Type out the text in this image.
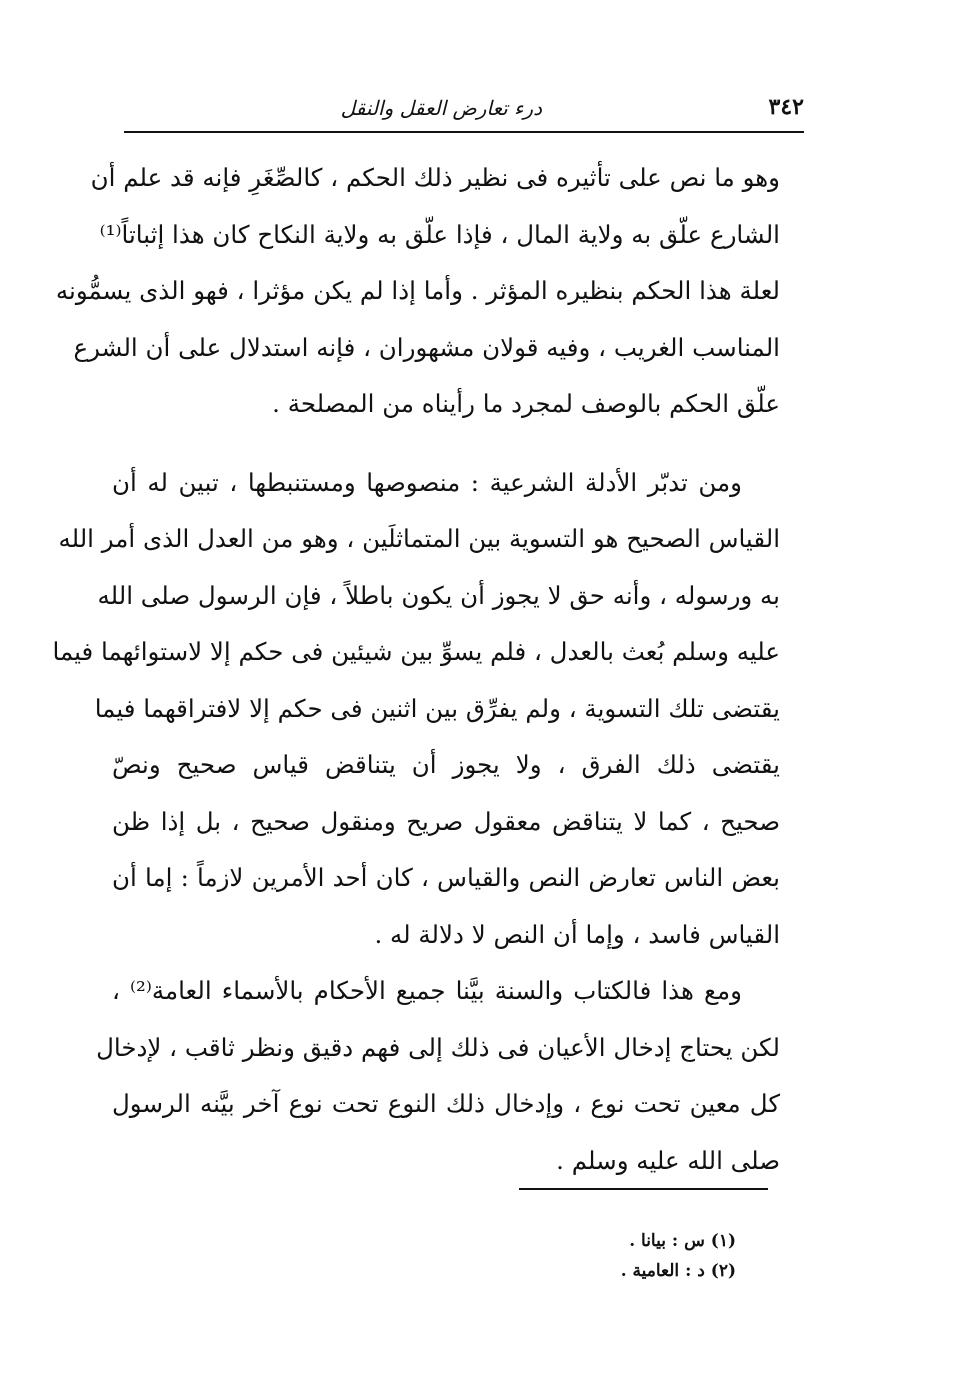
٣٤٢
درء تعارض العقل والنقل
وهو ما نص على تأثيره فى نظير ذلك الحكم ، كالصِّغَرِ فإنه قد علم أن
الشارع علّق به ولاية المال ، فإذا علّق به ولاية النكاح كان هذا إثباتاً⁽¹⁾
لعلة هذا الحكم بنظيره المؤثر . وأما إذا لم يكن مؤثرا ، فهو الذى يسمُّونه
المناسب الغريب ، وفيه قولان مشهوران ، فإنه استدلال على أن الشرع
علّق الحكم بالوصف لمجرد ما رأيناه من المصلحة .
ومن تدبّر الأدلة الشرعية : منصوصها ومستنبطها ، تبين له أن
القياس الصحيح هو التسوية بين المتماثلَين ، وهو من العدل الذى أمر الله
به ورسوله ، وأنه حق لا يجوز أن يكون باطلاً ، فإن الرسول صلى الله
عليه وسلم بُعث بالعدل ، فلم يسوِّ بين شيئين فى حكم إلا لاستوائهما فيما
يقتضى تلك التسوية ، ولم يفرِّق بين اثنين فى حكم إلا لافتراقهما فيما
يقتضى ذلك الفرق ، ولا يجوز أن يتناقض قياس صحيح ونصّ
صحيح ، كما لا يتناقض معقول صريح ومنقول صحيح ، بل إذا ظن
بعض الناس تعارض النص والقياس ، كان أحد الأمرين لازماً : إما أن
القياس فاسد ، وإما أن النص لا دلالة له .
ومع هذا فالكتاب والسنة بيَّنا جميع الأحكام بالأسماء العامة⁽²⁾ ،
لكن يحتاج إدخال الأعيان فى ذلك إلى فهم دقيق ونظر ثاقب ، لإدخال
كل معين تحت نوع ، وإدخال ذلك النوع تحت نوع آخر بيَّنه الرسول
صلى الله عليه وسلم .
(١) س : بيانا .
(٢) د : العامية .
